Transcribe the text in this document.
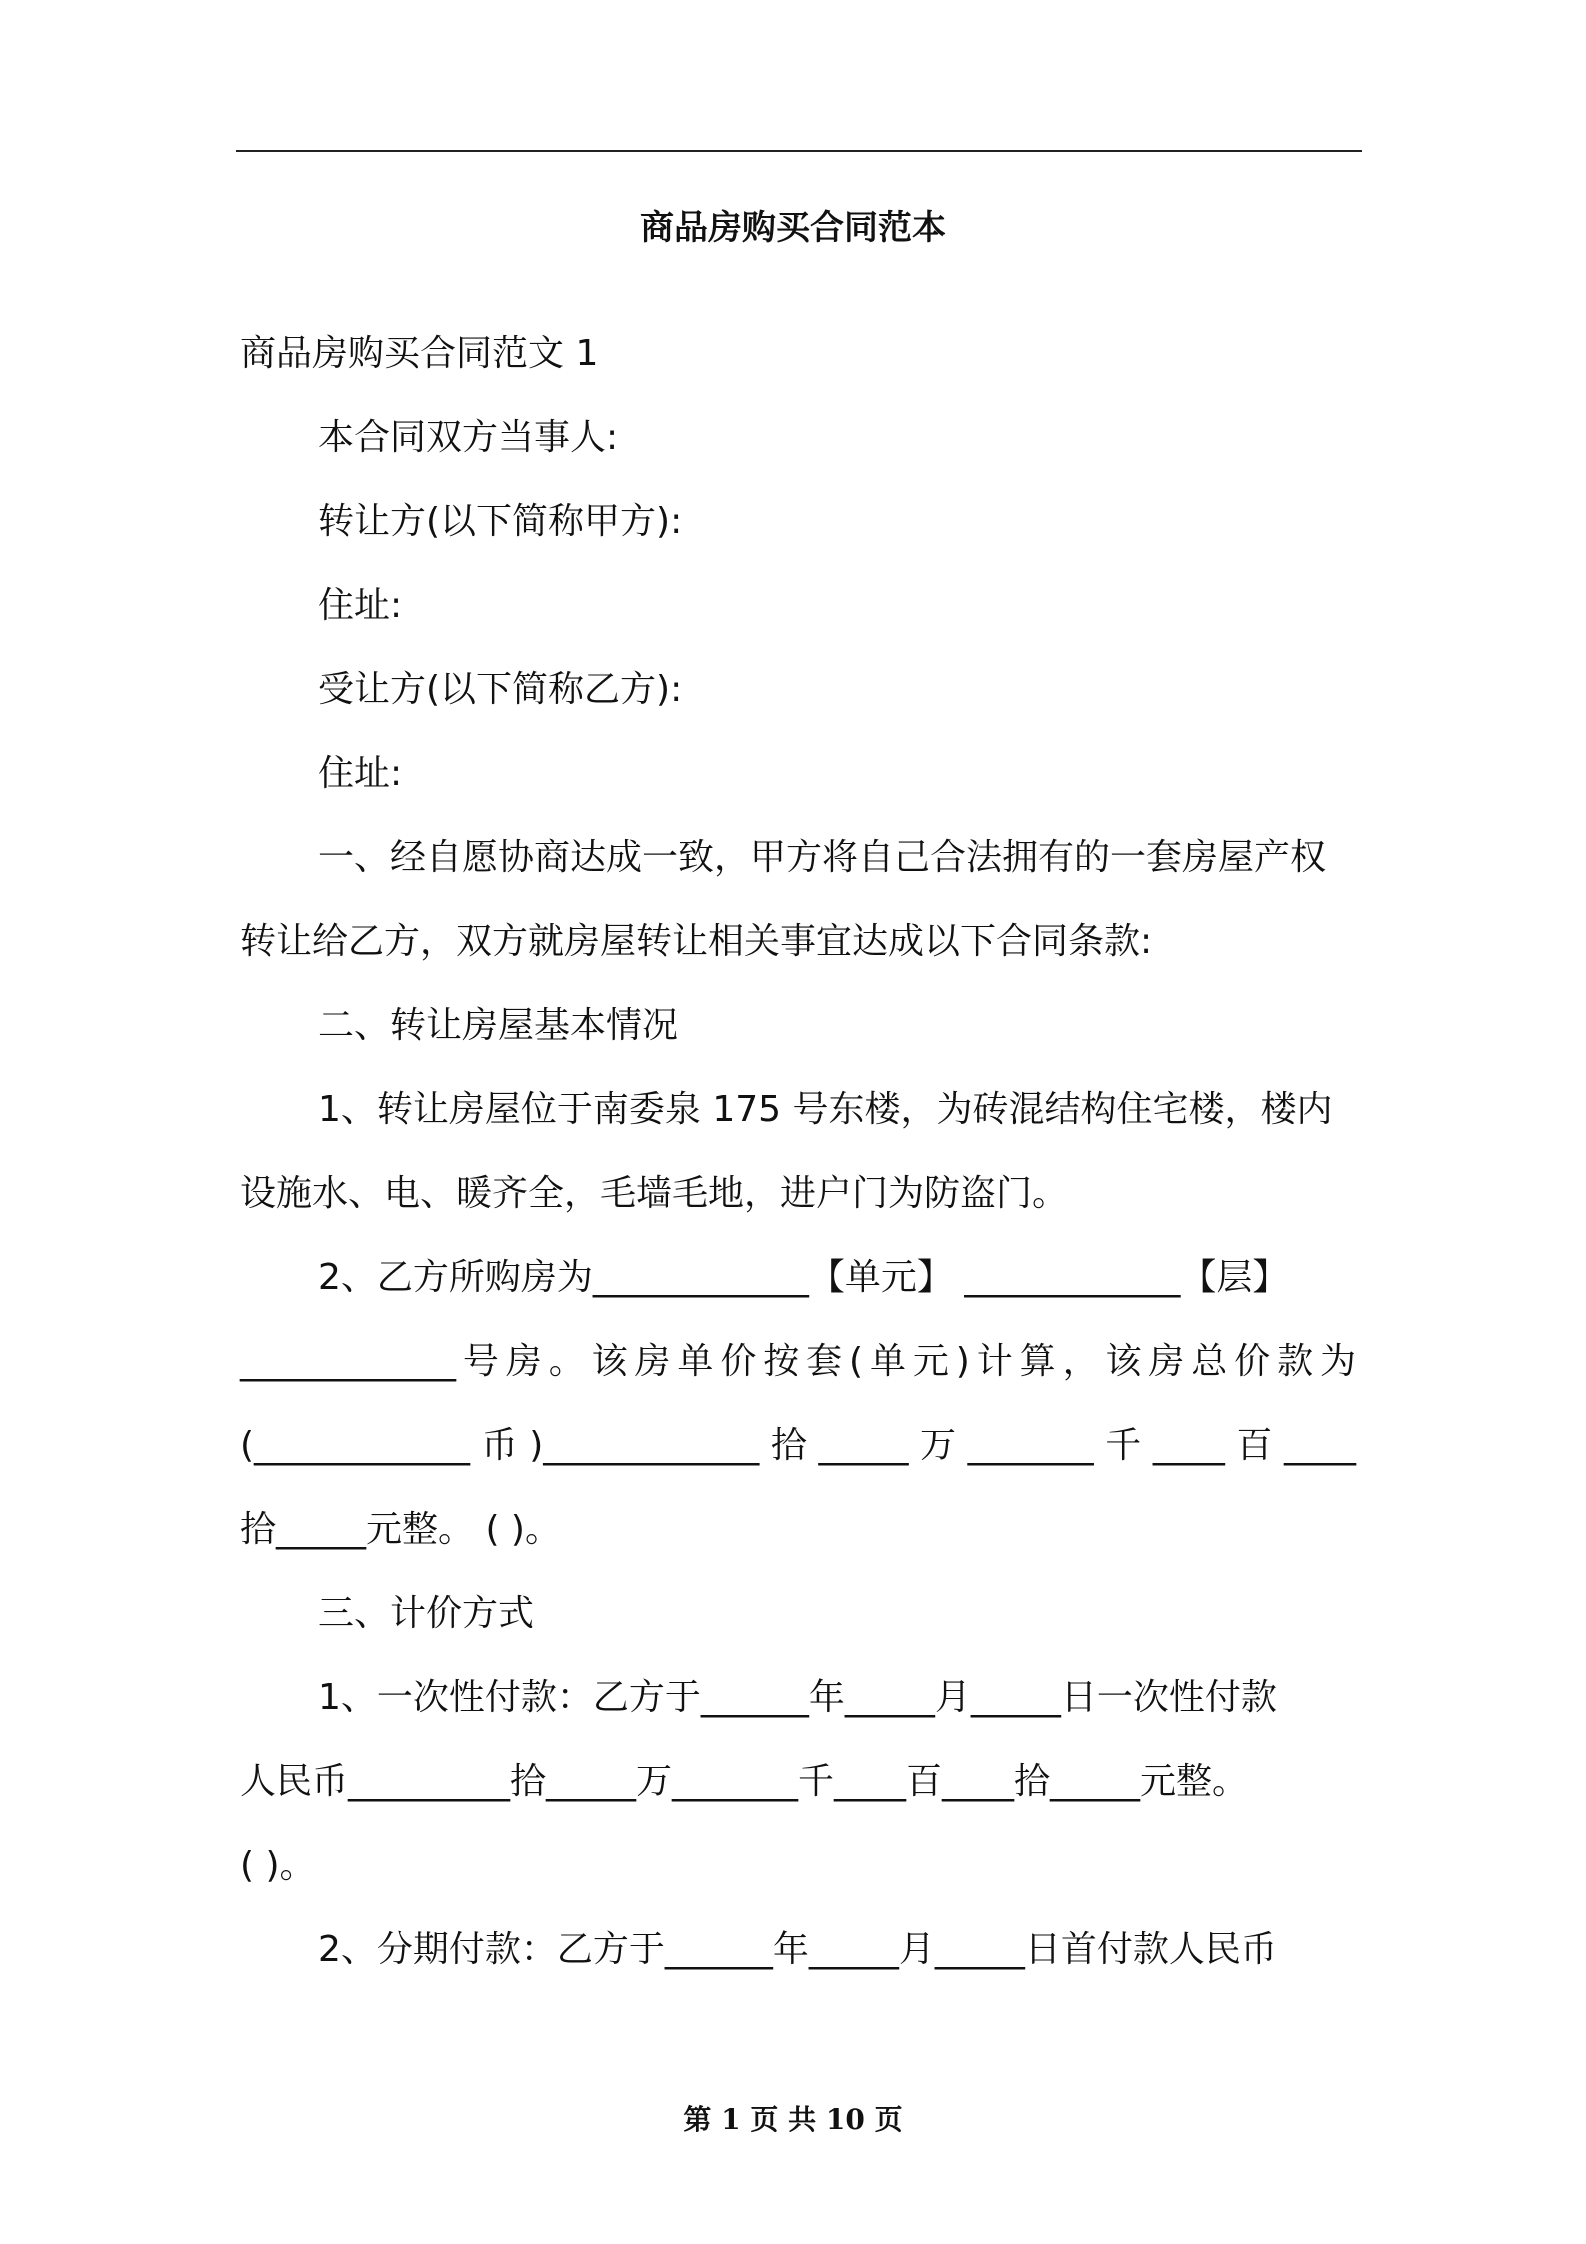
商品房购买合同范本
商品房购买合同范文 1
本合同双方当事人:
转让方(以下简称甲方):
住址:
受让方(以下简称乙方):
住址:
一、经自愿协商达成一致，甲方将自己合法拥有的一套房屋产权
转让给乙方，双方就房屋转让相关事宜达成以下合同条款:
二、转让房屋基本情况
1、转让房屋位于南委泉 175 号东楼，为砖混结构住宅楼，楼内
设施水、电、暖齐全，毛墙毛地，进户门为防盗门。
2、乙方所购房为____________【单元】 ____________【层】
____________号房。该房单价按套(单元)计算，该房总价款为
(____________币)____________拾_____万_______千____百____
拾_____元整。 ( )。
三、计价方式
1、一次性付款：乙方于______年_____月_____日一次性付款
人民币_________拾_____万_______千____百____拾_____元整。
( )。
2、分期付款：乙方于______年_____月_____日首付款人民币
第 1 页 共 10 页
